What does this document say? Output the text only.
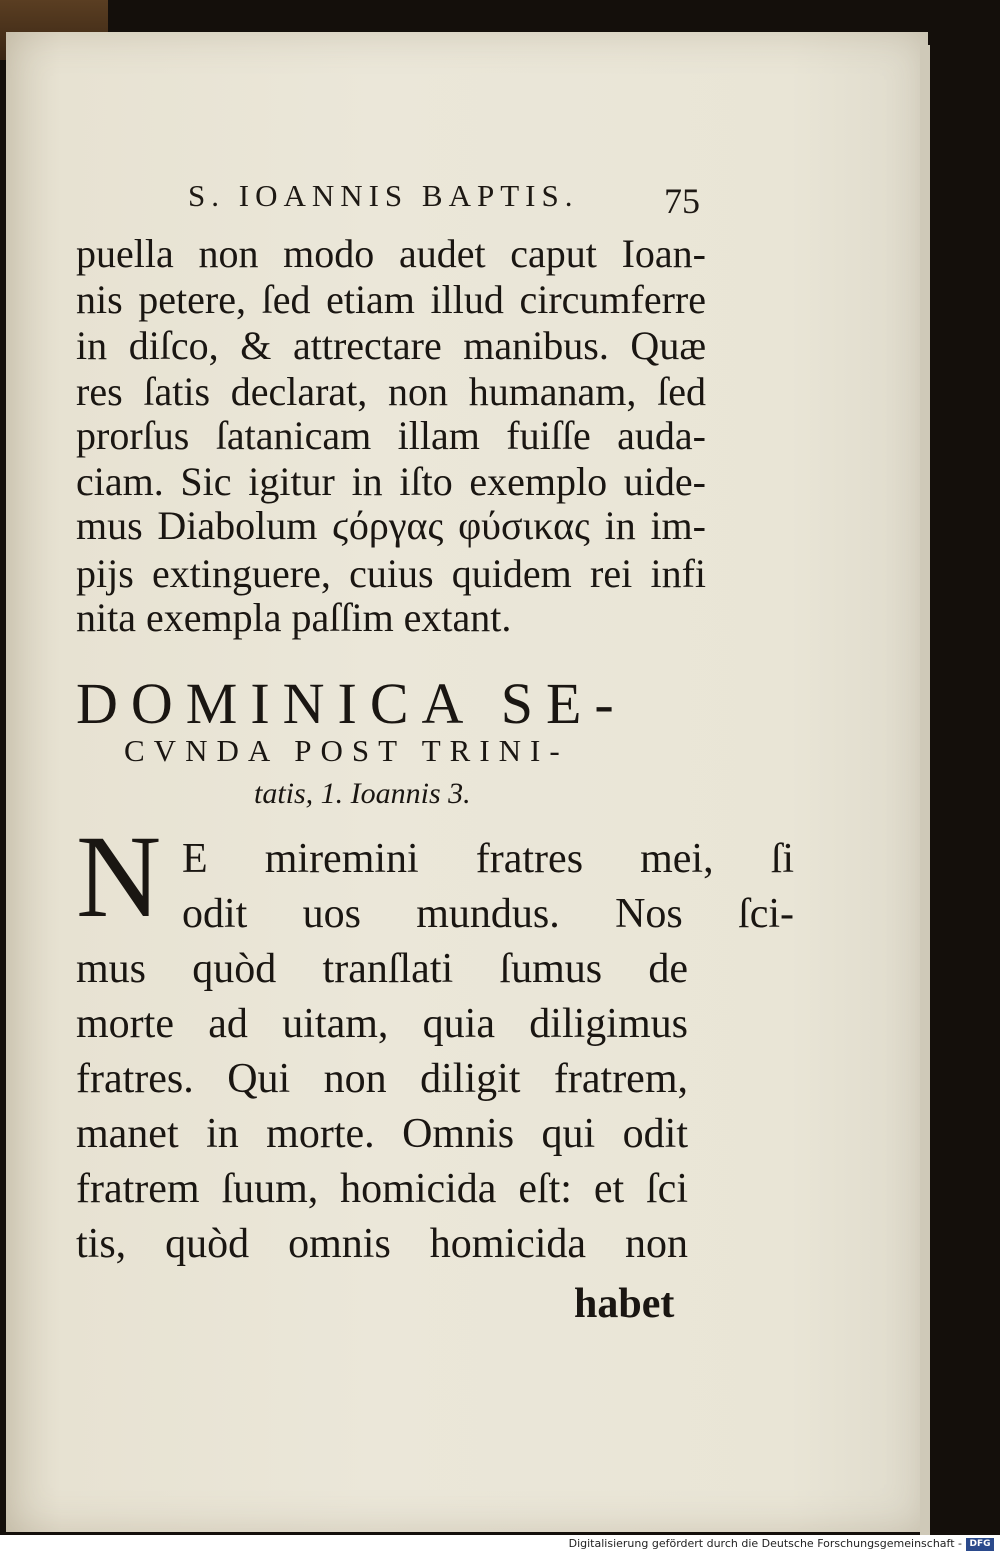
S. IOANNIS BAPTIS. 75
puella non modo audet caput Ioan-
nis petere, ſed etiam illud circumferre
in diſco, & attrectare manibus. Quæ
res ſatis declarat, non humanam, ſed
prorſus ſatanicam illam fuiſſe auda-
ciam. Sic igitur in iſto exemplo uide-
mus Diabolum ϛόργας φύσικας in im-
pijs extinguere, cuius quidem rei infi
nita exempla paſſim extant.
DOMINICA SE-
CVNDA POST TRINI-
tatis, 1. Ioannis 3.
N E miremini fratres mei, ſi
odit uos mundus. Nos ſci-
mus quòd tranſlati ſumus de
morte ad uitam, quia diligimus
fratres. Qui non diligit fratrem,
manet in morte. Omnis qui odit
fratrem ſuum, homicida eſt: et ſci
tis, quòd omnis homicida non
habet
Digitalisierung gefördert durch die Deutsche Forschungsgemeinschaft - DFG
